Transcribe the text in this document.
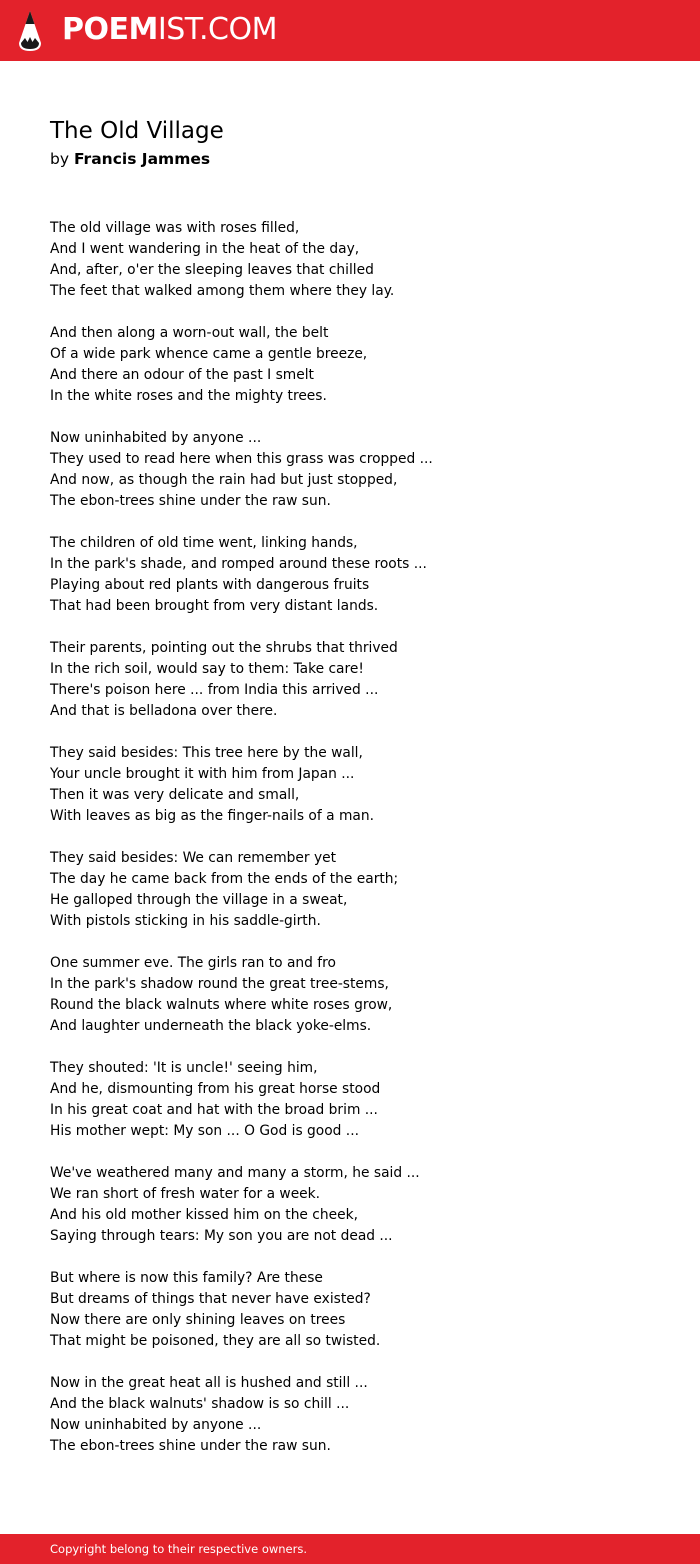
POEMIST.COM
The Old Village
by Francis Jammes
The old village was with roses filled,
And I went wandering in the heat of the day,
And, after, o'er the sleeping leaves that chilled
The feet that walked among them where they lay.
And then along a worn-out wall, the belt
Of a wide park whence came a gentle breeze,
And there an odour of the past I smelt
In the white roses and the mighty trees.
Now uninhabited by anyone ...
They used to read here when this grass was cropped ...
And now, as though the rain had but just stopped,
The ebon-trees shine under the raw sun.
The children of old time went, linking hands,
In the park's shade, and romped around these roots ...
Playing about red plants with dangerous fruits
That had been brought from very distant lands.
Their parents, pointing out the shrubs that thrived
In the rich soil, would say to them: Take care!
There's poison here ... from India this arrived ...
And that is belladona over there.
They said besides: This tree here by the wall,
Your uncle brought it with him from Japan ...
Then it was very delicate and small,
With leaves as big as the finger-nails of a man.
They said besides: We can remember yet
The day he came back from the ends of the earth;
He galloped through the village in a sweat,
With pistols sticking in his saddle-girth.
One summer eve. The girls ran to and fro
In the park's shadow round the great tree-stems,
Round the black walnuts where white roses grow,
And laughter underneath the black yoke-elms.
They shouted: 'It is uncle!' seeing him,
And he, dismounting from his great horse stood
In his great coat and hat with the broad brim ...
His mother wept: My son ... O God is good ...
We've weathered many and many a storm, he said ...
We ran short of fresh water for a week.
And his old mother kissed him on the cheek,
Saying through tears: My son you are not dead ...
But where is now this family? Are these
But dreams of things that never have existed?
Now there are only shining leaves on trees
That might be poisoned, they are all so twisted.
Now in the great heat all is hushed and still ...
And the black walnuts' shadow is so chill ...
Now uninhabited by anyone ...
The ebon-trees shine under the raw sun.
Copyright belong to their respective owners.
